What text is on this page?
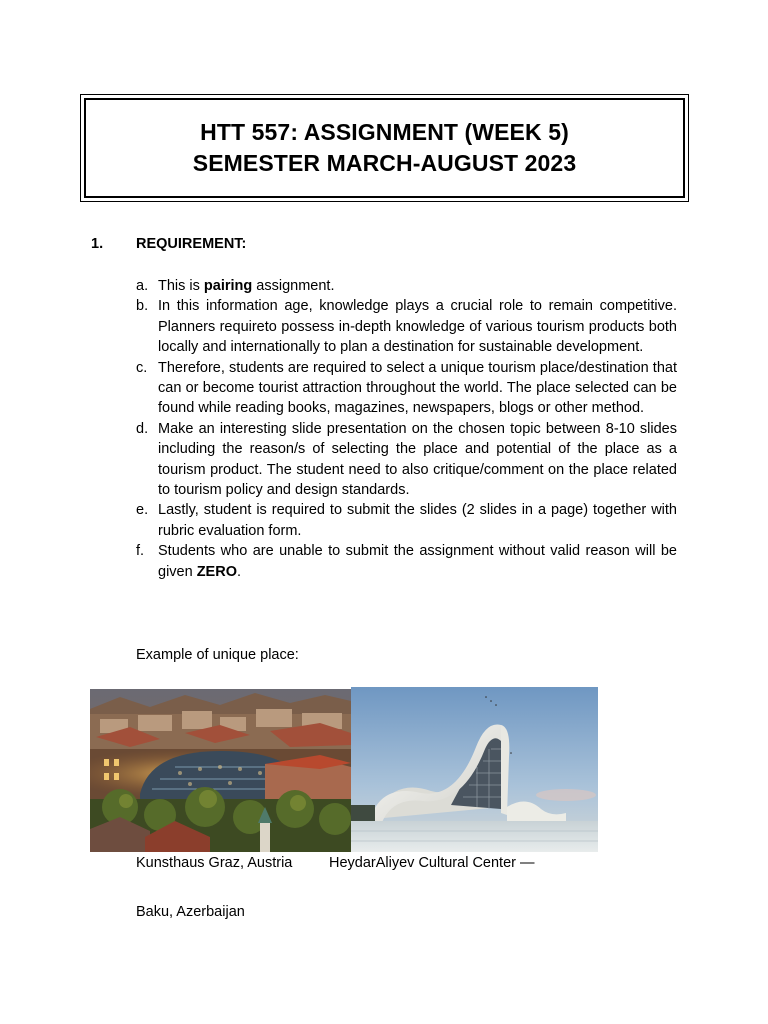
HTT 557: ASSIGNMENT (WEEK 5)
SEMESTER MARCH-AUGUST 2023
1. REQUIREMENT:
a. This is pairing assignment.
b. In this information age, knowledge plays a crucial role to remain competitive. Planners requireto possess in-depth knowledge of various tourism products both locally and internationally to plan a destination for sustainable development.
c. Therefore, students are required to select a unique tourism place/destination that can or become tourist attraction throughout the world. The place selected can be found while reading books, magazines, newspapers, blogs or other method.
d. Make an interesting slide presentation on the chosen topic between 8-10 slides including the reason/s of selecting the place and potential of the place as a tourism product. The student need to also critique/comment on the place related to tourism policy and design standards.
e. Lastly, student is required to submit the slides (2 slides in a page) together with rubric evaluation form.
f. Students who are unable to submit the assignment without valid reason will be given ZERO.
Example of unique place:
Kunsthaus Graz, Austria	HeydarAliyev Cultural Center —
Baku, Azerbaijan
